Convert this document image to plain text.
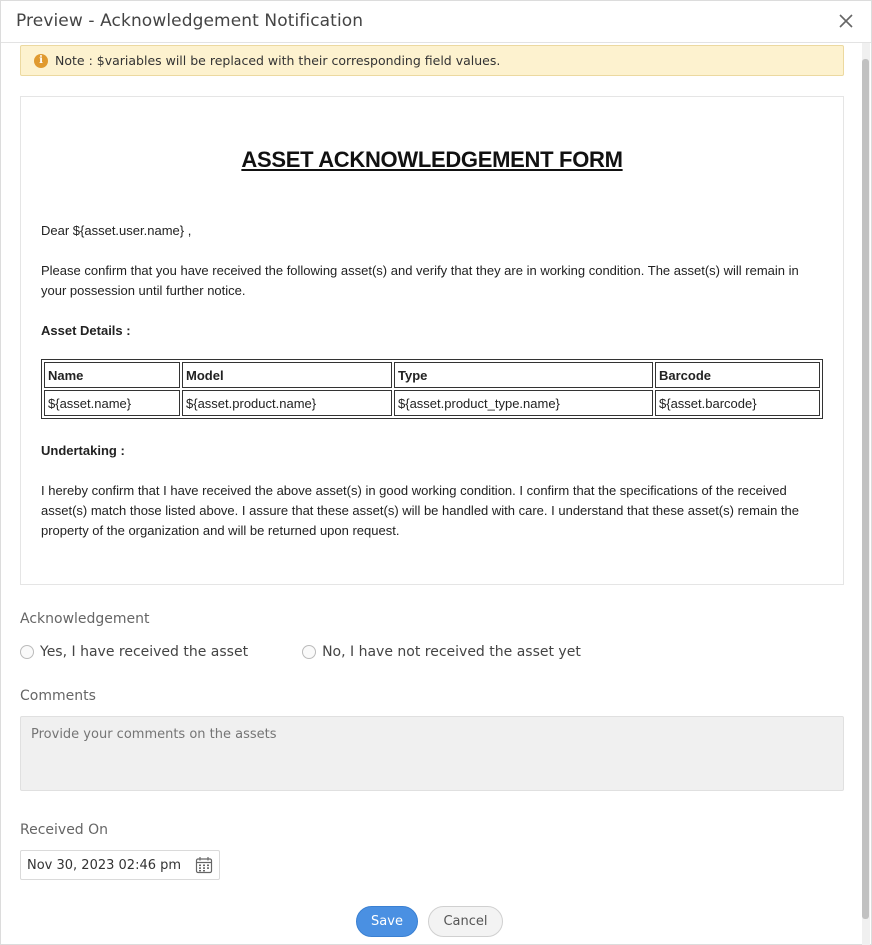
Preview - Acknowledgement Notification
i Note : $variables will be replaced with their corresponding field values.
ASSET ACKNOWLEDGEMENT FORM
Dear ${asset.user.name} ,
Please confirm that you have received the following asset(s) and verify that they are in working condition. The asset(s) will remain in your possession until further notice.
Asset Details :
Name	Model	Type	Barcode
${asset.name}	${asset.product.name}	${asset.product_type.name}	${asset.barcode}
Undertaking :
I hereby confirm that I have received the above asset(s) in good working condition. I confirm that the specifications of the received asset(s) match those listed above. I assure that these asset(s) will be handled with care. I understand that these asset(s) remain the property of the organization and will be returned upon request.
Acknowledgement
Yes, I have received the asset	No, I have not received the asset yet
Comments
Provide your comments on the assets
Received On
Nov 30, 2023 02:46 pm
Save	Cancel
